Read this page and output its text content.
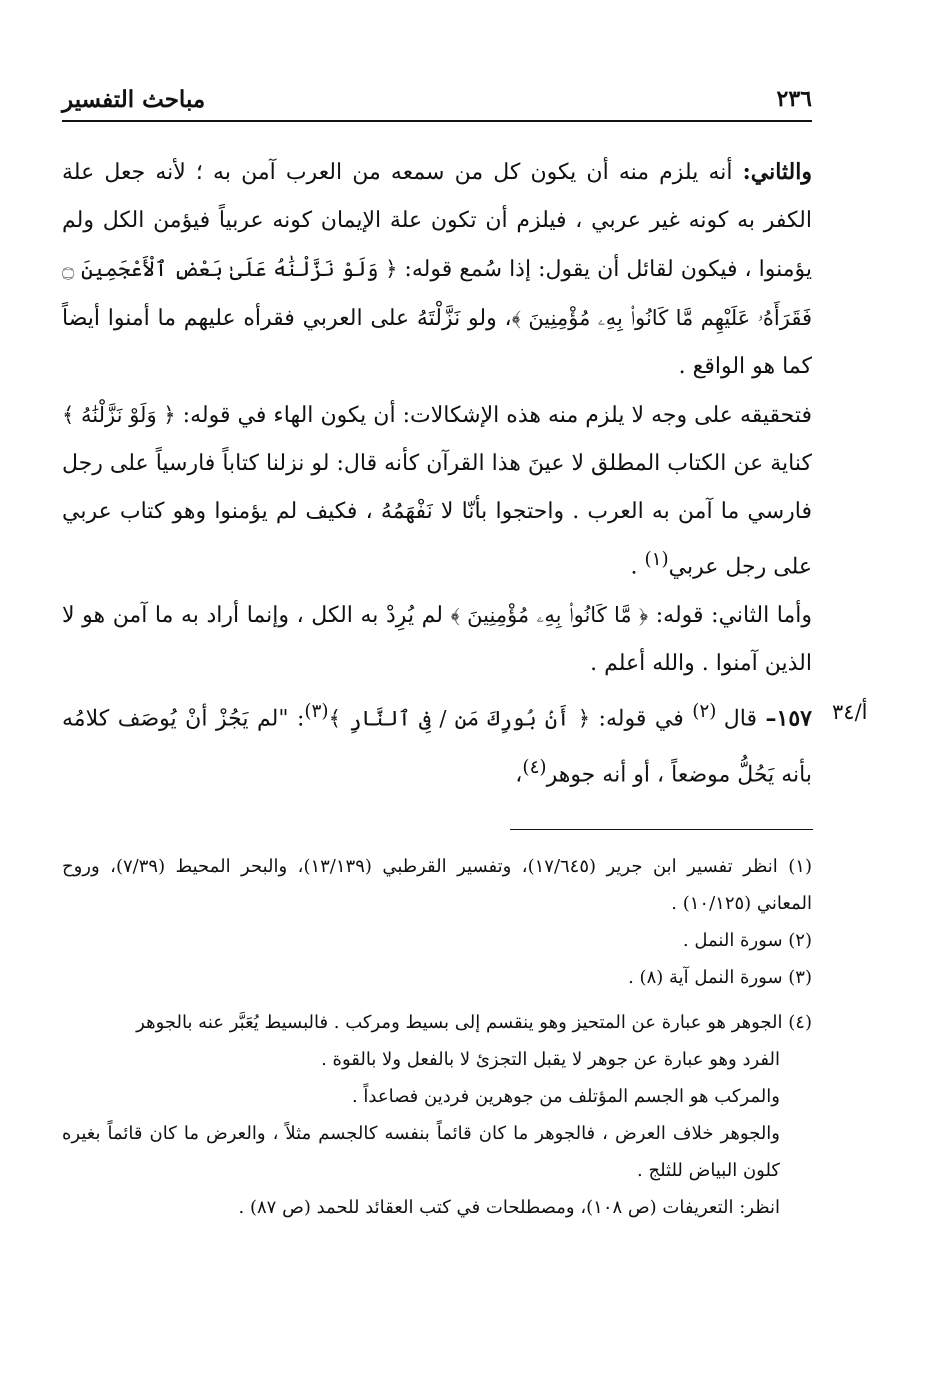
مباحث التفسير	٢٣٦
أ/٣٤

والثاني: أنه يلزم منه أن يكون كل من سمعه من العرب آمن به ؛ لأنه جعل علة الكفر به كونه غير عربي ، فيلزم أن تكون علة الإيمان كونه عربياً فيؤمن الكل ولم يؤمنوا ، فيكون لقائل أن يقول: إذا سُمع قوله: ﴿ وَلَوْ نَزَّلْنَٰهُ عَلَىٰ بَعْضِ ٱلْأَعْجَمِينَ ۝ فَقَرَأَهُۥ عَلَيْهِم مَّا كَانُوا۟ بِهِۦ مُؤْمِنِينَ ﴾، ولو نَزَّلْتَهُ على العربي فقرأه عليهم ما أمنوا أيضاً كما هو الواقع .

فتحقيقه على وجه لا يلزم منه هذه الإشكالات: أن يكون الهاء في قوله: ﴿ وَلَوْ نَزَّلْنَٰهُ ﴾ كناية عن الكتاب المطلق لا عينَ هذا القرآن كأنه قال: لو نزلنا كتاباً فارسياً على رجل فارسي ما آمن به العرب . واحتجوا بأنّا لا نَفْهَمُهُ ، فكيف لم يؤمنوا وهو كتاب عربي على رجل عربي$^{(١)}$ .

وأما الثاني: قوله: ﴿ مَّا كَانُوا۟ بِهِۦ مُؤْمِنِينَ ﴾ لم يُرِدْ به الكل ، وإنما أراد به ما آمن هو لا الذين آمنوا . والله أعلم .

١٥٧– قال $^{(٢)}$ في قوله: ﴿ أَنۢ بُورِكَ مَن / فِى ٱلنَّارِ ﴾$^{(٣)}$: "لم يَجُزْ أنْ يُوصَف كلامُه بأنه يَحُلُّ موضعاً ، أو أنه جوهر$^{(٤)}$،

(١) انظر تفسير ابن جرير (١٧/٦٤٥)، وتفسير القرطبي (١٣/١٣٩)، والبحر المحيط (٧/٣٩)، وروح المعاني (١٠/١٢٥) .

(٢) سورة النمل .

(٣) سورة النمل آية (٨) .

(٤) الجوهر هو عبارة عن المتحيز وهو ينقسم إلى بسيط ومركب . فالبسيط يُعَبَّر عنه بالجوهر

الفرد وهو عبارة عن جوهر لا يقبل التجزئ لا بالفعل ولا بالقوة .

والمركب هو الجسم المؤتلف من جوهرين فردين فصاعداً .

والجوهر خلاف العرض ، فالجوهر ما كان قائماً بنفسه كالجسم مثلاً ، والعرض ما كان قائماً بغيره كلون البياض للثلج .

انظر: التعريفات (ص ١٠٨)، ومصطلحات في كتب العقائد للحمد (ص ٨٧) .
